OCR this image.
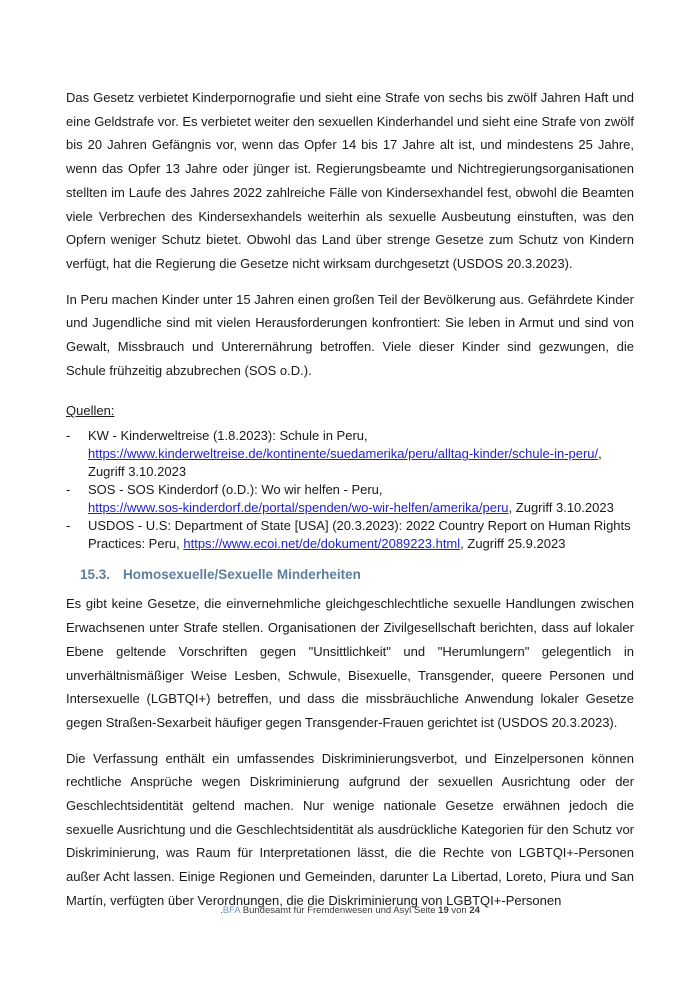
Das Gesetz verbietet Kinderpornografie und sieht eine Strafe von sechs bis zwölf Jahren Haft und eine Geldstrafe vor. Es verbietet weiter den sexuellen Kinderhandel und sieht eine Strafe von zwölf bis 20 Jahren Gefängnis vor, wenn das Opfer 14 bis 17 Jahre alt ist, und mindestens 25 Jahre, wenn das Opfer 13 Jahre oder jünger ist. Regierungsbeamte und Nichtregierungsorganisationen stellten im Laufe des Jahres 2022 zahlreiche Fälle von Kindersexhandel fest, obwohl die Beamten viele Verbrechen des Kindersexhandels weiterhin als sexuelle Ausbeutung einstuften, was den Opfern weniger Schutz bietet. Obwohl das Land über strenge Gesetze zum Schutz von Kindern verfügt, hat die Regierung die Gesetze nicht wirksam durchgesetzt (USDOS 20.3.2023).

In Peru machen Kinder unter 15 Jahren einen großen Teil der Bevölkerung aus. Gefährdete Kinder und Jugendliche sind mit vielen Herausforderungen konfrontiert: Sie leben in Armut und sind von Gewalt, Missbrauch und Unterernährung betroffen. Viele dieser Kinder sind gezwungen, die Schule frühzeitig abzubrechen (SOS o.D.).

Quellen:
- KW - Kinderweltreise (1.8.2023): Schule in Peru,
https://www.kinderweltreise.de/kontinente/suedamerika/peru/alltag-kinder/schule-in-peru/,
Zugriff 3.10.2023
- SOS - SOS Kinderdorf (o.D.): Wo wir helfen - Peru,
https://www.sos-kinderdorf.de/portal/spenden/wo-wir-helfen/amerika/peru, Zugriff 3.10.2023
- USDOS - U.S: Department of State [USA] (20.3.2023): 2022 Country Report on Human Rights
Practices: Peru, https://www.ecoi.net/de/dokument/2089223.html, Zugriff 25.9.2023
15.3. Homosexuelle/Sexuelle Minderheiten

Es gibt keine Gesetze, die einvernehmliche gleichgeschlechtliche sexuelle Handlungen zwischen Erwachsenen unter Strafe stellen. Organisationen der Zivilgesellschaft berichten, dass auf lokaler Ebene geltende Vorschriften gegen "Unsittlichkeit" und "Herumlungern" gelegentlich in unverhältnismäßiger Weise Lesben, Schwule, Bisexuelle, Transgender, queere Personen und Intersexuelle (LGBTQI+) betreffen, und dass die missbräuchliche Anwendung lokaler Gesetze gegen Straßen-Sexarbeit häufiger gegen Transgender-Frauen gerichtet ist (USDOS 20.3.2023).

Die Verfassung enthält ein umfassendes Diskriminierungsverbot, und Einzelpersonen können rechtliche Ansprüche wegen Diskriminierung aufgrund der sexuellen Ausrichtung oder der Geschlechtsidentität geltend machen. Nur wenige nationale Gesetze erwähnen jedoch die sexuelle Ausrichtung und die Geschlechtsidentität als ausdrückliche Kategorien für den Schutz vor Diskriminierung, was Raum für Interpretationen lässt, die die Rechte von LGBTQI+-Personen außer Acht lassen. Einige Regionen und Gemeinden, darunter La Libertad, Loreto, Piura und San Martín, verfügten über Verordnungen, die die Diskriminierung von LGBTQI+-Personen

.BFA Bundesamt für Fremdenwesen und Asyl Seite 19 von 24
